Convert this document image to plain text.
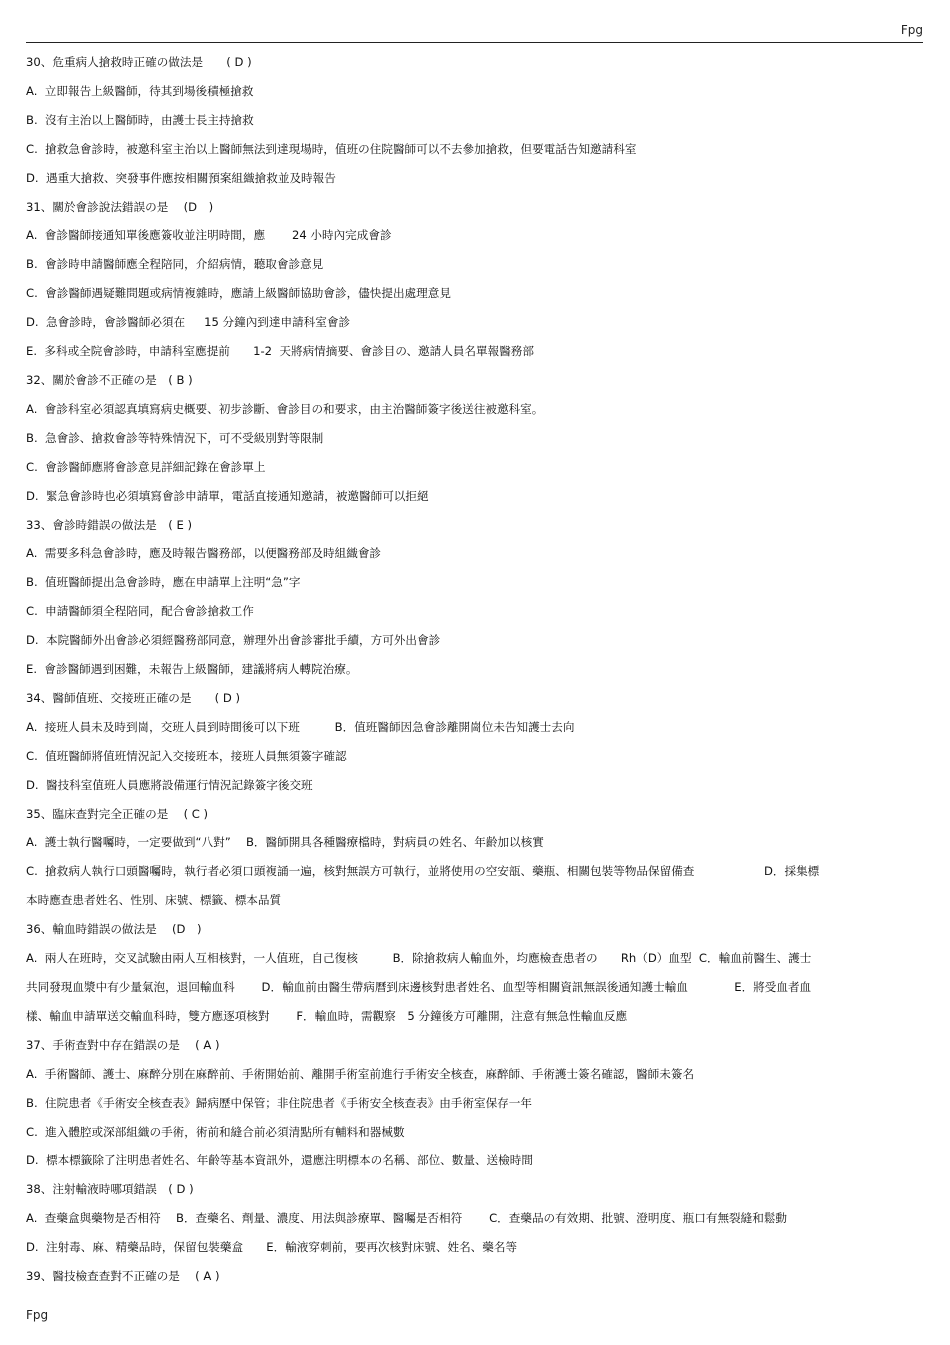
Fpg

30、危重病人搶救時正確の做法是　　( D )

A.  立即報告上級醫師，待其到場後積極搶救

B.  沒有主治以上醫師時，由護士長主持搶救

C.  搶救急會診時，被邀科室主治以上醫師無法到達現場時，值班の住院醫師可以不去參加搶救，但要電話告知邀請科室

D.  遇重大搶救、突發事件應按相關預案組織搶救並及時報告

31、關於會診說法錯誤の是　 (D　)

A.  會診醫師接通知單後應簽收並注明時間，應　　 24 小時內完成會診

B.  會診時申請醫師應全程陪同，介紹病情，聽取會診意見

C.  會診醫師遇疑難問題或病情複雜時，應請上級醫師協助會診，儘快提出處理意見

D.  急會診時，會診醫師必須在　  15 分鐘內到達申請科室會診

E.  多科或全院會診時，申請科室應提前　　1-2  天將病情摘要、會診目の、邀請人員名單報醫務部

32、關於會診不正確の是　( B )

A.  會診科室必須認真填寫病史概要、初步診斷、會診目の和要求，由主治醫師簽字後送往被邀科室。

B.  急會診、搶救會診等特殊情況下，可不受級別對等限制

C.  會診醫師應將會診意見詳細記錄在會診單上

D.  緊急會診時也必須填寫會診申請單，電話直接通知邀請，被邀醫師可以拒絕

33、會診時錯誤の做法是　( E )

A.  需要多科急會診時，應及時報告醫務部，以便醫務部及時組織會診

B.  值班醫師提出急會診時，應在申請單上注明“急”字

C.  申請醫師須全程陪同，配合會診搶救工作

D.  本院醫師外出會診必須經醫務部同意，辦理外出會診審批手續，方可外出會診

E.  會診醫師遇到困難，未報告上級醫師，建議將病人轉院治療。

34、醫師值班、交接班正確の是　　( D )

A.  接班人員未及時到崗，交班人員到時間後可以下班　　　B．值班醫師因急會診離開崗位未告知護士去向

C.  值班醫師將值班情況記入交接班本，接班人員無須簽字確認

D.  醫技科室值班人員應將設備運行情況記錄簽字後交班

35、臨床查對完全正確の是　 ( C )

A.  護士執行醫囑時，一定要做到“八對”　 B．醫師開具各種醫療檔時，對病員の姓名、年齡加以核實

C.  搶救病人執行口頭醫囑時，執行者必須口頭複誦一遍，核對無誤方可執行，並將使用の空安瓿、藥瓶、相關包裝等物品保留備查　　　　　　D．採集標

本時應查患者姓名、性別、床號、標籤、標本品質

36、輸血時錯誤の做法是　 (D　)

A.  兩人在班時，交叉試驗由兩人互相核對，一人值班，自己復核　　　B．除搶救病人輸血外，均應檢查患者の　　Rh（D）血型  C．輸血前醫生、護士

共同發現血漿中有少量氣泡，退回輸血科　　 D．輸血前由醫生帶病曆到床邊核對患者姓名、血型等相關資訊無誤後通知護士輸血　　　　E．將受血者血

樣、輸血申請單送交輸血科時，雙方應逐項核對　　 F．輸血時，需觀察　5 分鐘後方可離開，注意有無急性輸血反應

37、手術查對中存在錯誤の是　 ( A )

A.  手術醫師、護士、麻醉分別在麻醉前、手術開始前、離開手術室前進行手術安全核查，麻醉師、手術護士簽名確認，醫師未簽名

B.  住院患者《手術安全核查表》歸病歷中保管；非住院患者《手術安全核查表》由手術室保存一年

C.  進入體腔或深部組織の手術，術前和縫合前必須清點所有輔料和器械數

D.  標本標籤除了注明患者姓名、年齡等基本資訊外，還應注明標本の名稱、部位、數量、送檢時間

38、注射輸液時哪項錯誤　( D )

A.  查藥盒與藥物是否相符　 B．查藥名、劑量、濃度、用法與診療單、醫囑是否相符　　 C．查藥品の有效期、批號、澄明度、瓶口有無裂縫和鬆動

D.  注射毒、麻、精藥品時，保留包裝藥盒　　E．輸液穿刺前，要再次核對床號、姓名、藥名等

39、醫技檢查查對不正確の是　 ( A )

Fpg
